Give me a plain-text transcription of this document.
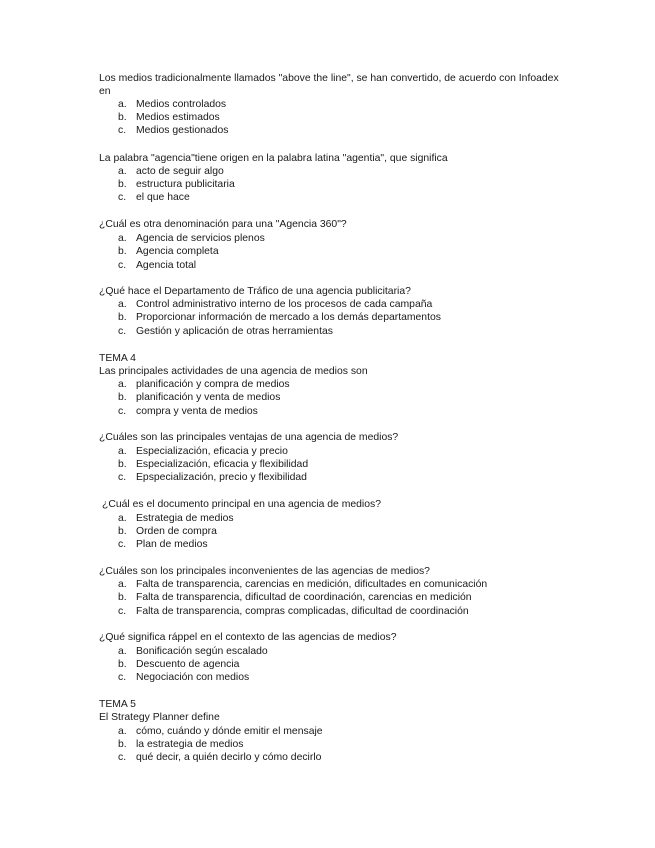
Los medios tradicionalmente llamados "above the line", se han convertido, de acuerdo con Infoadex
en
a. Medios controlados
b. Medios estimados
c. Medios gestionados
La palabra "agencia"tiene origen en la palabra latina "agentia", que significa
a. acto de seguir algo
b. estructura publicitaria
c. el que hace
¿Cuál es otra denominación para una "Agencia 360"?
a. Agencia de servicios plenos
b. Agencia completa
c. Agencia total
¿Qué hace el Departamento de Tráfico de una agencia publicitaria?
a. Control administrativo interno de los procesos de cada campaña
b. Proporcionar información de mercado a los demás departamentos
c. Gestión y aplicación de otras herramientas
TEMA 4
Las principales actividades de una agencia de medios son
a. planificación y compra de medios
b. planificación y venta de medios
c. compra y venta de medios
¿Cuáles son las principales ventajas de una agencia de medios?
a. Especialización, eficacia y precio
b. Especialización, eficacia y flexibilidad
c. Epspecialización, precio y flexibilidad
¿Cuál es el documento principal en una agencia de medios?
a. Estrategia de medios
b. Orden de compra
c. Plan de medios
¿Cuáles son los principales inconvenientes de las agencias de medios?
a. Falta de transparencia, carencias en medición, dificultades en comunicación
b. Falta de transparencia, dificultad de coordinación, carencias en medición
c. Falta de transparencia, compras complicadas, dificultad de coordinación
¿Qué significa ráppel en el contexto de las agencias de medios?
a. Bonificación según escalado
b. Descuento de agencia
c. Negociación con medios
TEMA 5
El Strategy Planner define
a. cómo, cuándo y dónde emitir el mensaje
b. la estrategia de medios
c. qué decir, a quién decirlo y cómo decirlo
